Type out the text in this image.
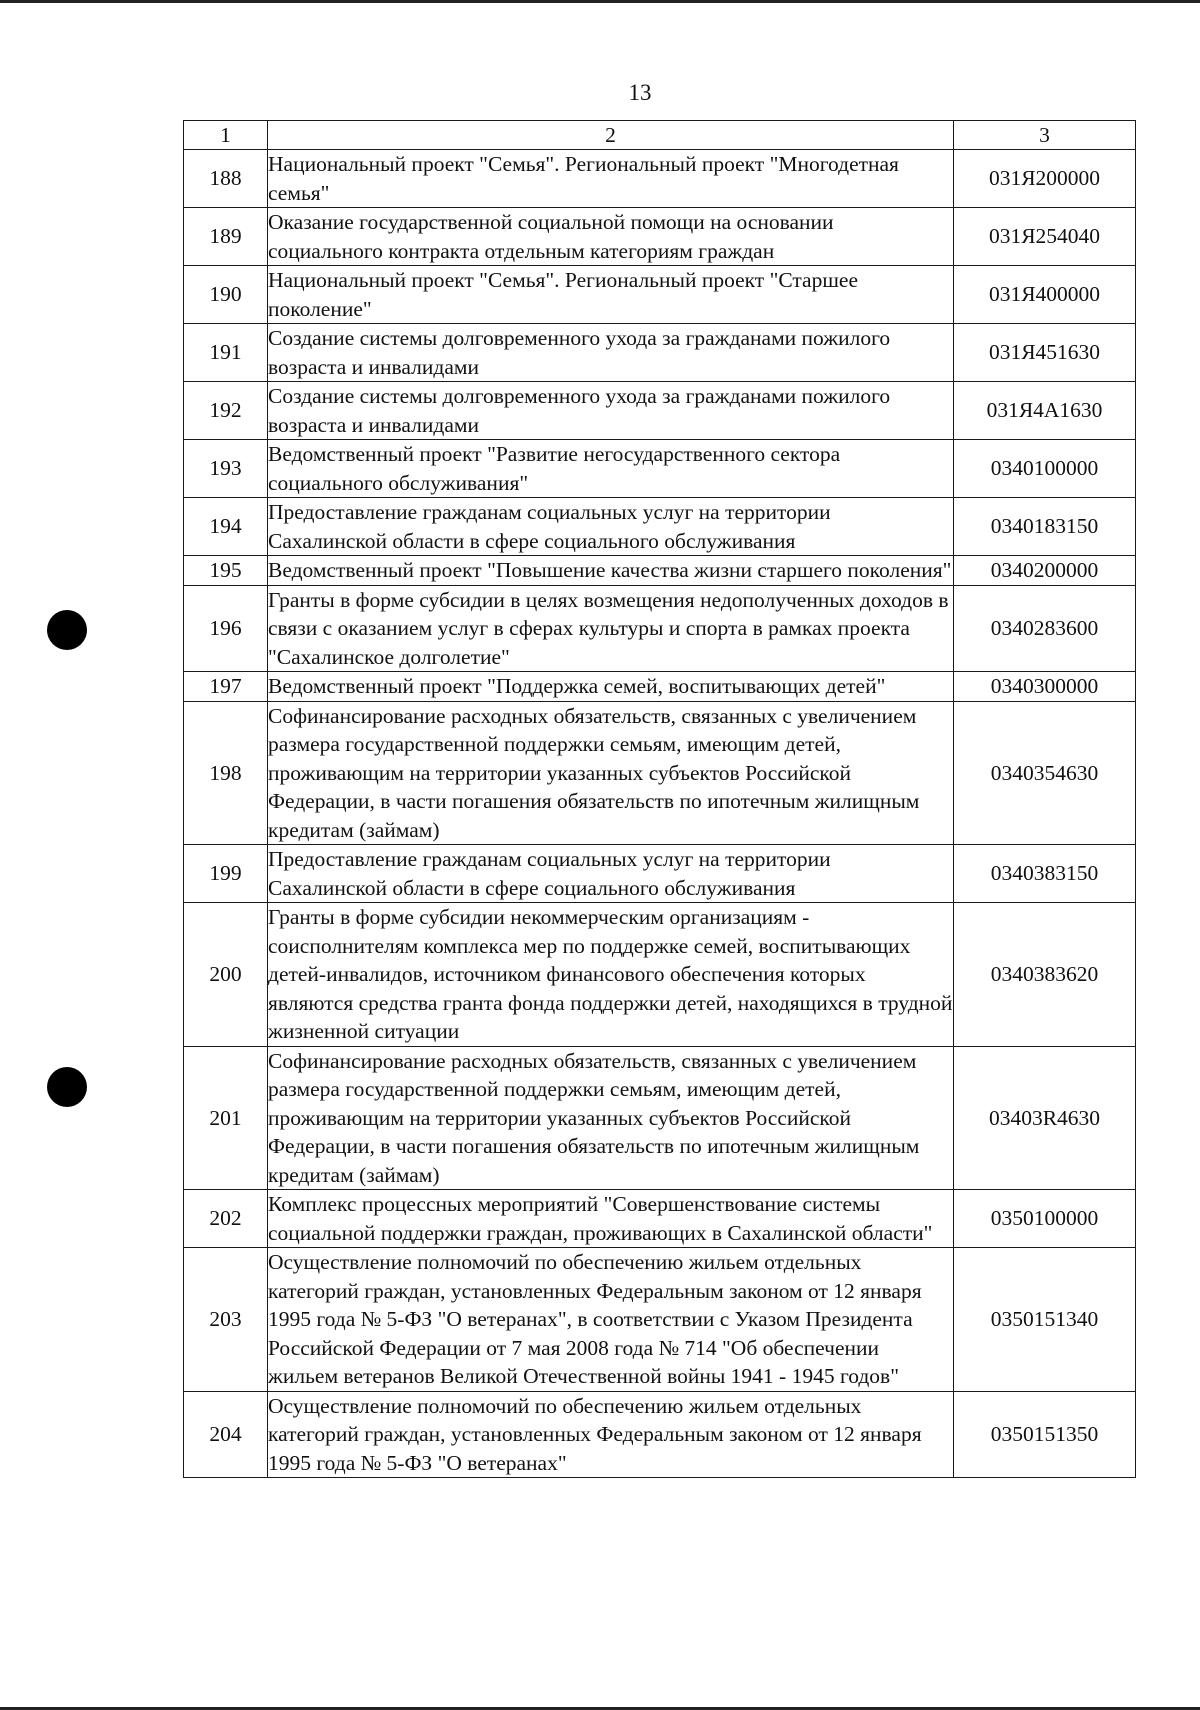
13
1	2	3
188	Национальный проект "Семья". Региональный проект "Многодетная семья"	031Я200000
189	Оказание государственной социальной помощи на основании социального контракта отдельным категориям граждан	031Я254040
190	Национальный проект "Семья". Региональный проект "Старшее поколение"	031Я400000
191	Создание системы долговременного ухода за гражданами пожилого возраста и инвалидами	031Я451630
192	Создание системы долговременного ухода за гражданами пожилого возраста и инвалидами	031Я4А1630
193	Ведомственный проект "Развитие негосударственного сектора социального обслуживания"	0340100000
194	Предоставление гражданам социальных услуг на территории Сахалинской области в сфере социального обслуживания	0340183150
195	Ведомственный проект "Повышение качества жизни старшего поколения"	0340200000
196	Гранты в форме субсидии в целях возмещения недополученных доходов в связи с оказанием услуг в сферах культуры и спорта в рамках проекта "Сахалинское долголетие"	0340283600
197	Ведомственный проект "Поддержка семей, воспитывающих детей"	0340300000
198	Софинансирование расходных обязательств, связанных с увеличением размера государственной поддержки семьям, имеющим детей, проживающим на территории указанных субъектов Российской Федерации, в части погашения обязательств по ипотечным жилищным кредитам (займам)	0340354630
199	Предоставление гражданам социальных услуг на территории Сахалинской области в сфере социального обслуживания	0340383150
200	Гранты в форме субсидии некоммерческим организациям - соисполнителям комплекса мер по поддержке семей, воспитывающих детей-инвалидов, источником финансового обеспечения которых являются средства гранта фонда поддержки детей, находящихся в трудной жизненной ситуации	0340383620
201	Софинансирование расходных обязательств, связанных с увеличением размера государственной поддержки семьям, имеющим детей, проживающим на территории указанных субъектов Российской Федерации, в части погашения обязательств по ипотечным жилищным кредитам (займам)	03403R4630
202	Комплекс процессных мероприятий "Совершенствование системы социальной поддержки граждан, проживающих в Сахалинской области"	0350100000
203	Осуществление полномочий по обеспечению жильем отдельных категорий граждан, установленных Федеральным законом от 12 января 1995 года № 5-ФЗ "О ветеранах", в соответствии с Указом Президента Российской Федерации от 7 мая 2008 года № 714 "Об обеспечении жильем ветеранов Великой Отечественной войны 1941 - 1945 годов"	0350151340
204	Осуществление полномочий по обеспечению жильем отдельных категорий граждан, установленных Федеральным законом от 12 января 1995 года № 5-ФЗ "О ветеранах"	0350151350
